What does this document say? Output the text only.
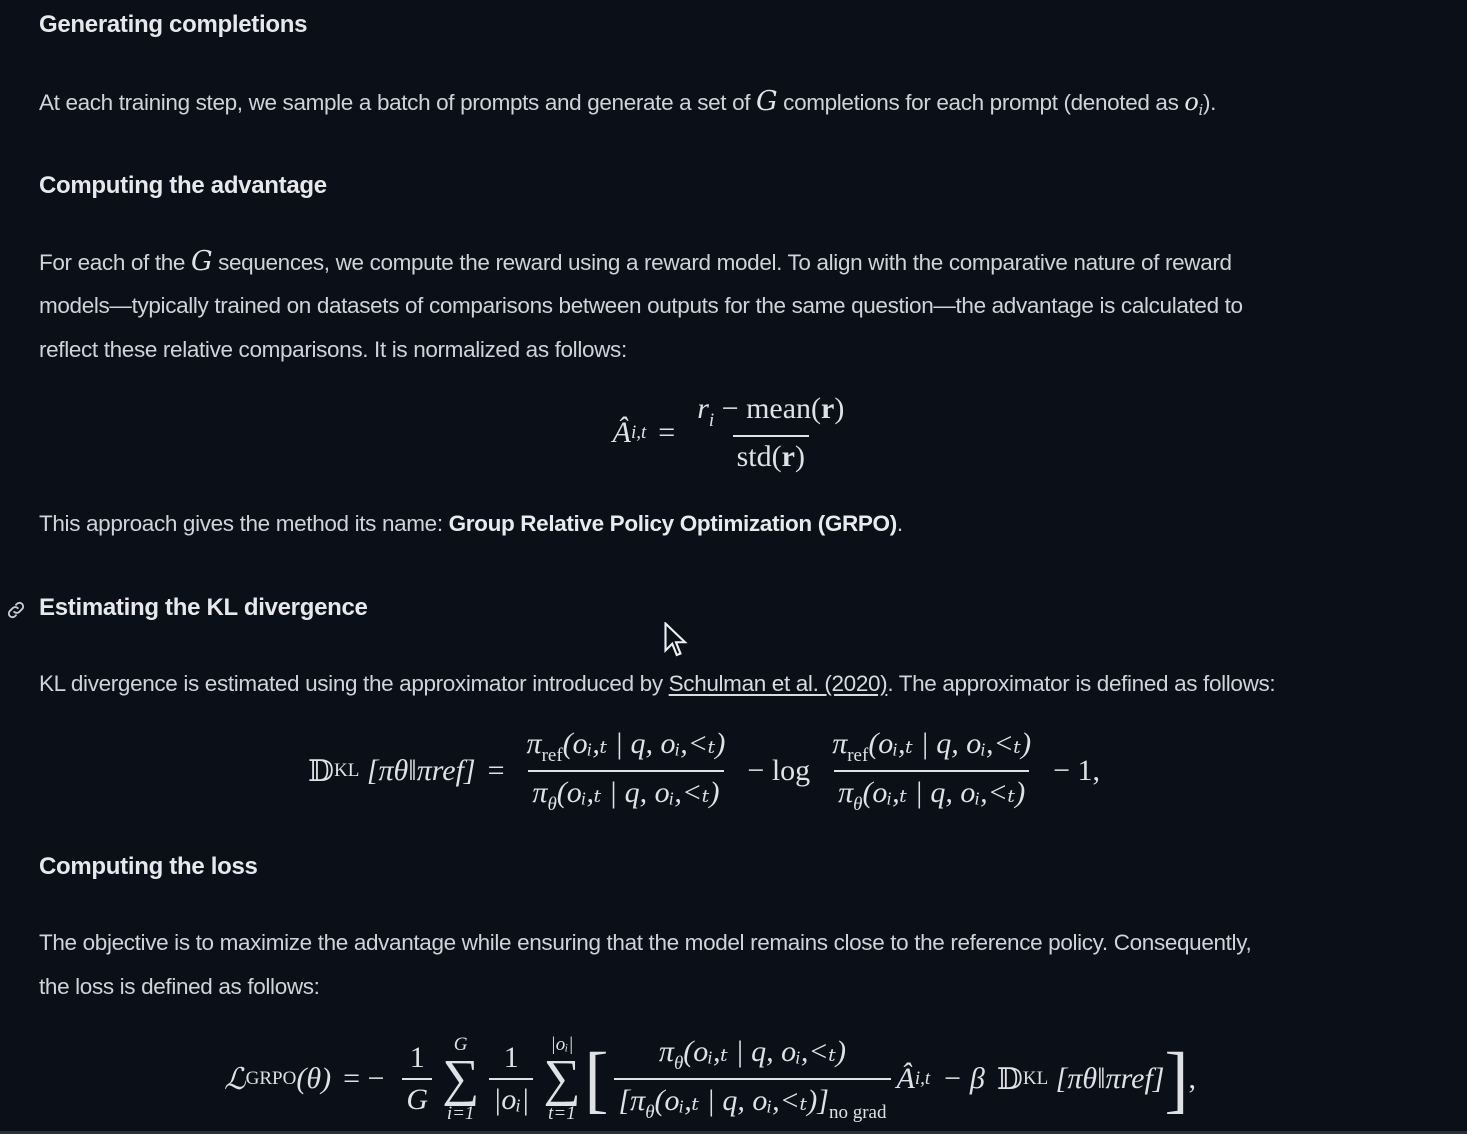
Generating completions

At each training step, we sample a batch of prompts and generate a set of G completions for each prompt (denoted as $o_i$).

Computing the advantage

For each of the G sequences, we compute the reward using a reward model. To align with the comparative nature of reward

models—typically trained on datasets of comparisons between outputs for the same question—the advantage is calculated to

reflect these relative comparisons. It is normalized as follows:

Â $i,t = \frac{r_i - mean(r)}{\text{std(r)}}$

This approach gives the method its name: Group Relative Policy Optimization (GRPO).

Estimating the KL divergence

KL divergence is estimated using the approximator introduced by Schulman et al. (2020). The approximator is defined as follows:

𝔻 KL
[πθ‖πref] = $\frac{\pi_{ref}(oᵢ,_t | q, oᵢ,<_t)}{\pi_\theta(oᵢ,_t | q, oᵢ,<_t)} - \log \frac{\pi_{ref}(oᵢ,_t | q, oᵢ,<_t)}{\pi_\theta(oᵢ,_t | q, oᵢ,<_t)} - 1$,
Computing the loss

The objective is to maximize the advantage while ensuring that the model remains close to the reference policy. Consequently,

the loss is defined as follows:

ℒ GRPO (θ) = − $\frac{1}{G}$ G
∑
$i=1 \frac{1}{\text{|oᵢ|}}$ |oᵢ|
∑
t=1 [ $\frac{\pi_\theta(oᵢ,_t | q, oᵢ,<_t)}{[\pi_\theta(oᵢ,_t | q, oᵢ,<_t)]_{no grad}}$ Â i,t − β 𝔻 KL
[πθ‖πref] ] ,
